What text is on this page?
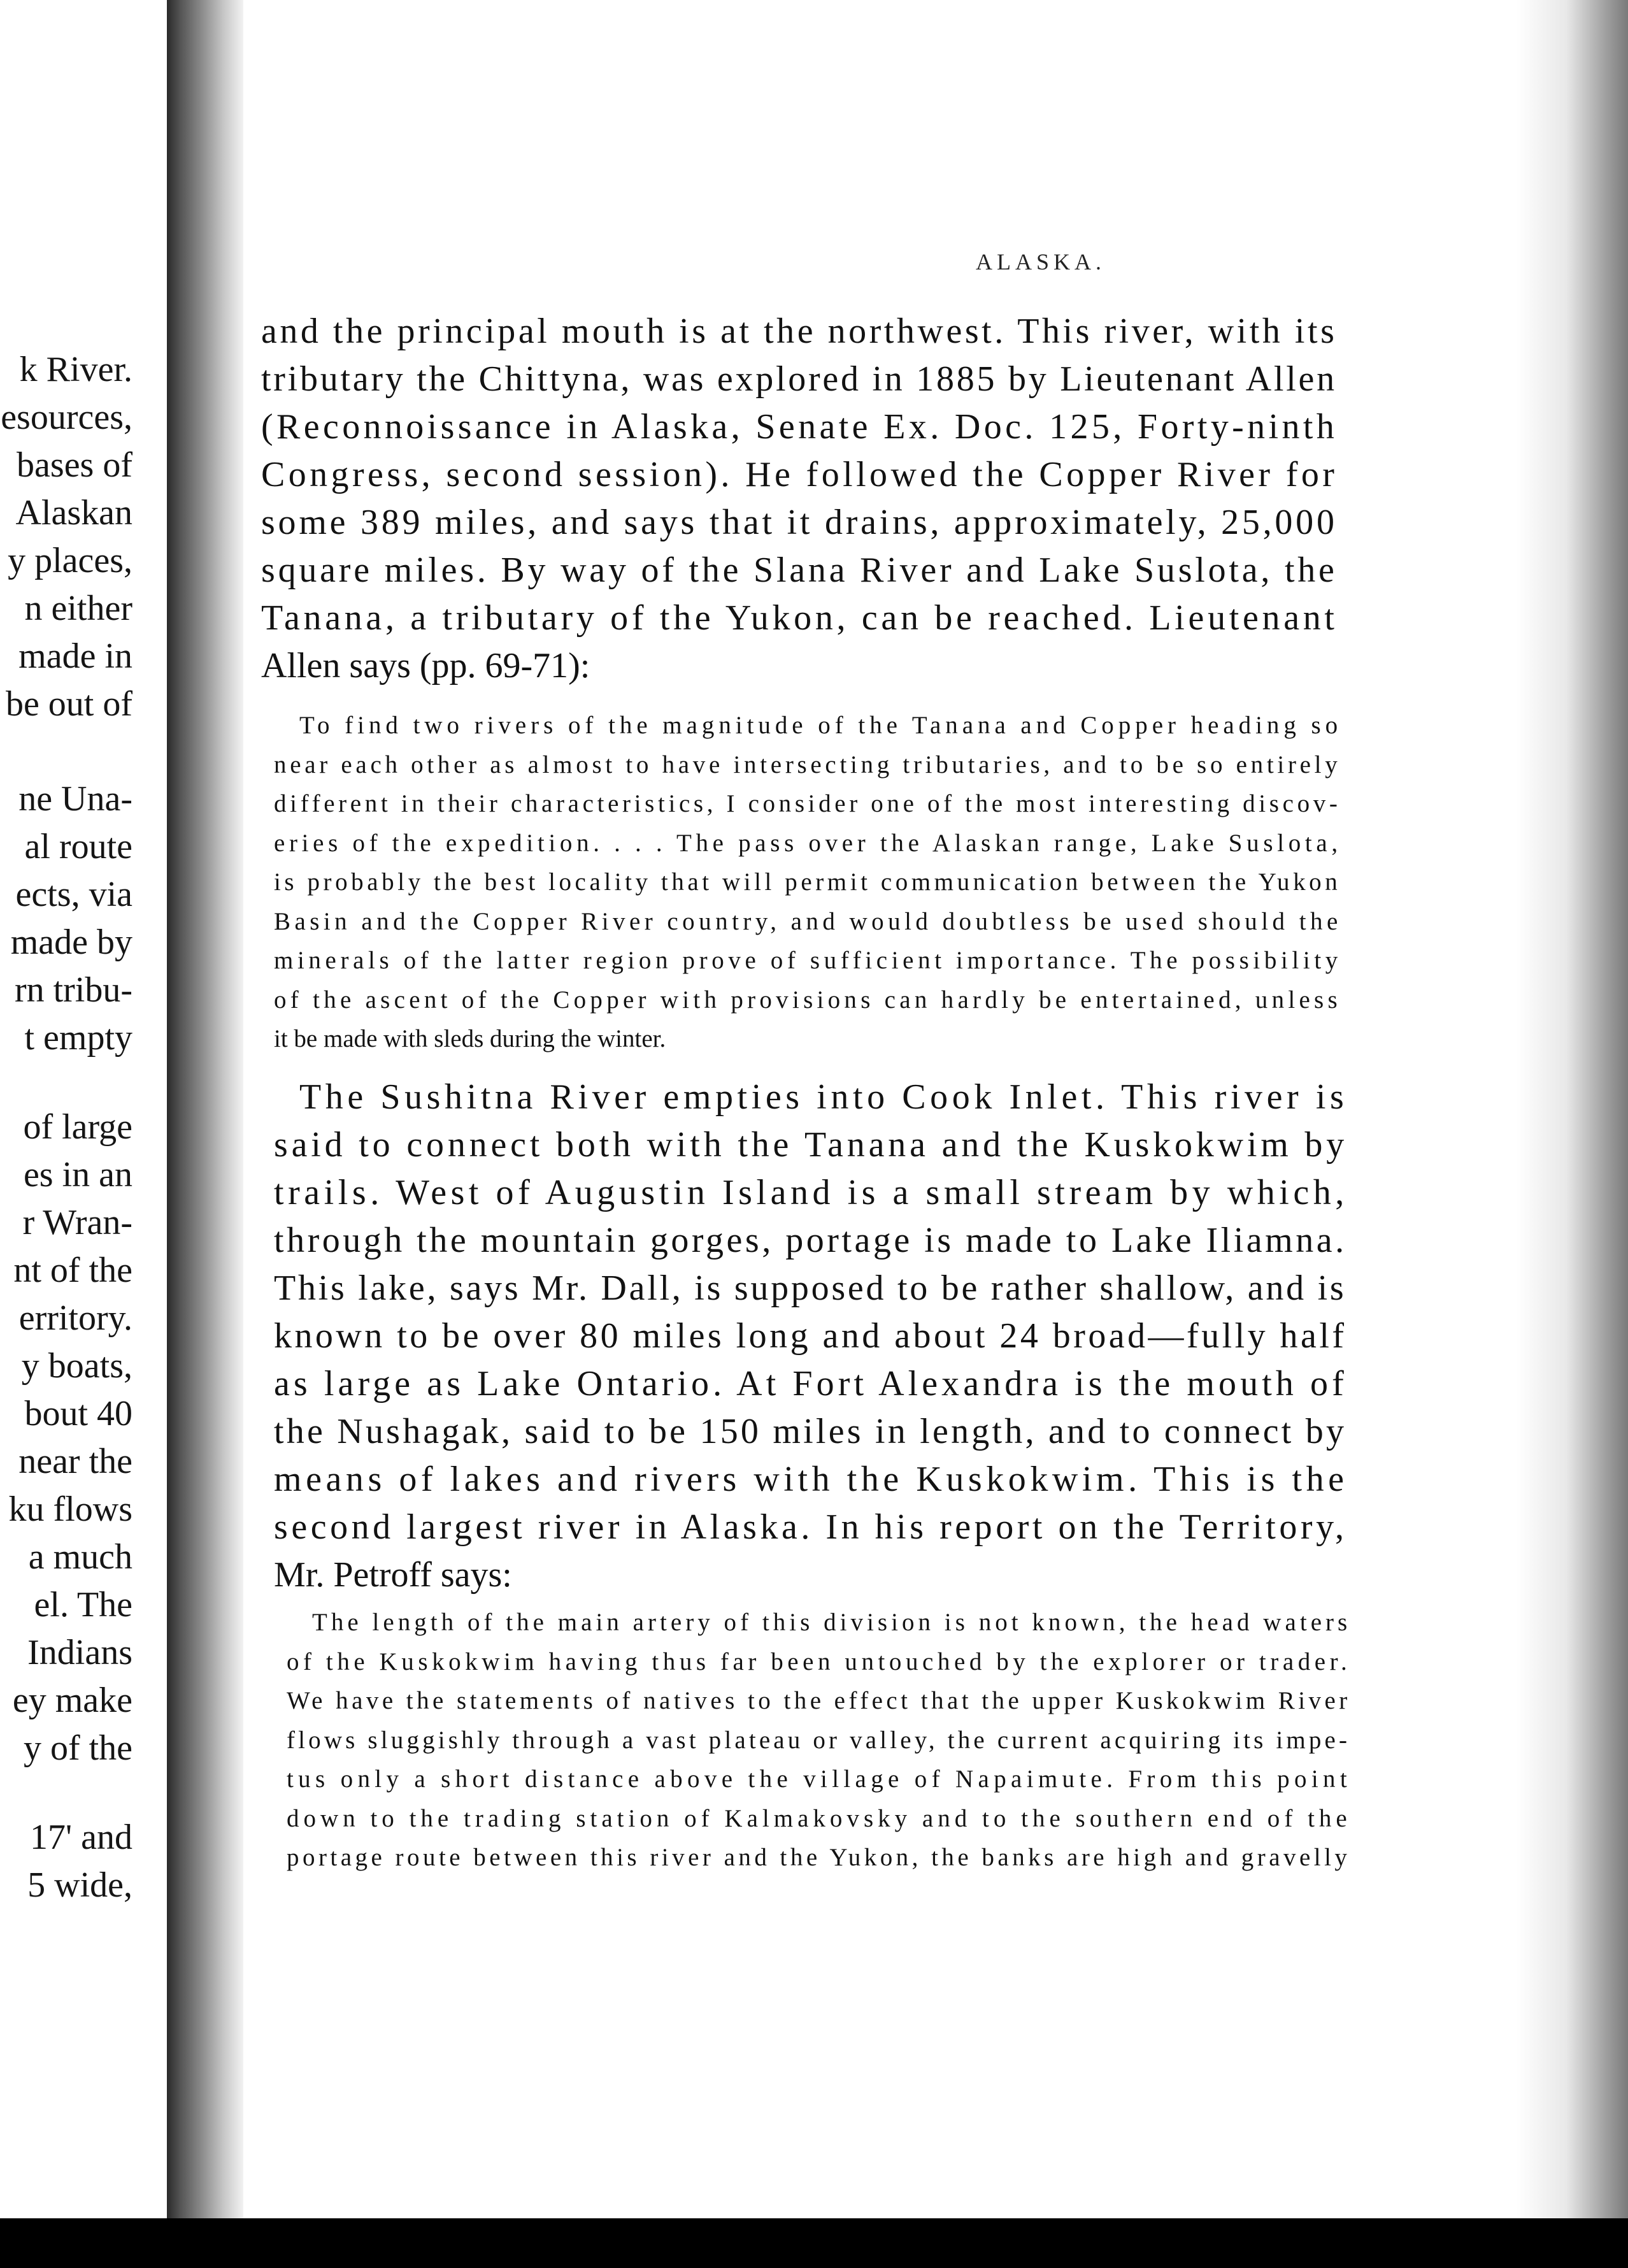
k River.
esources,
bases of
Alaskan
y places,
n either
made in
be out of
ne Una-
al route
ects, via
made by
rn tribu-
t empty
of large
es in an
r Wran-
nt of the
erritory.
y boats,
bout 40
near the
ku flows
a much
el. The
Indians
ey make
y of the
17' and
5 wide,
ALASKA.
and the principal mouth is at the northwest. This river, with its
tributary the Chittyna, was explored in 1885 by Lieutenant Allen
(Reconnoissance in Alaska, Senate Ex. Doc. 125, Forty-ninth
Congress, second session). He followed the Copper River for
some 389 miles, and says that it drains, approximately, 25,000
square miles. By way of the Slana River and Lake Suslota, the
Tanana, a tributary of the Yukon, can be reached. Lieutenant
Allen says (pp. 69-71):
To find two rivers of the magnitude of the Tanana and Copper heading so
near each other as almost to have intersecting tributaries, and to be so entirely
different in their characteristics, I consider one of the most interesting discov-
eries of the expedition. . . . The pass over the Alaskan range, Lake Suslota,
is probably the best locality that will permit communication between the Yukon
Basin and the Copper River country, and would doubtless be used should the
minerals of the latter region prove of sufficient importance. The possibility
of the ascent of the Copper with provisions can hardly be entertained, unless
it be made with sleds during the winter.
The Sushitna River empties into Cook Inlet. This river is
said to connect both with the Tanana and the Kuskokwim by
trails. West of Augustin Island is a small stream by which,
through the mountain gorges, portage is made to Lake Iliamna.
This lake, says Mr. Dall, is supposed to be rather shallow, and is
known to be over 80 miles long and about 24 broad—fully half
as large as Lake Ontario. At Fort Alexandra is the mouth of
the Nushagak, said to be 150 miles in length, and to connect by
means of lakes and rivers with the Kuskokwim. This is the
second largest river in Alaska. In his report on the Territory,
Mr. Petroff says:
The length of the main artery of this division is not known, the head waters
of the Kuskokwim having thus far been untouched by the explorer or trader.
We have the statements of natives to the effect that the upper Kuskokwim River
flows sluggishly through a vast plateau or valley, the current acquiring its impe-
tus only a short distance above the village of Napaimute. From this point
down to the trading station of Kalmakovsky and to the southern end of the
portage route between this river and the Yukon, the banks are high and gravelly
